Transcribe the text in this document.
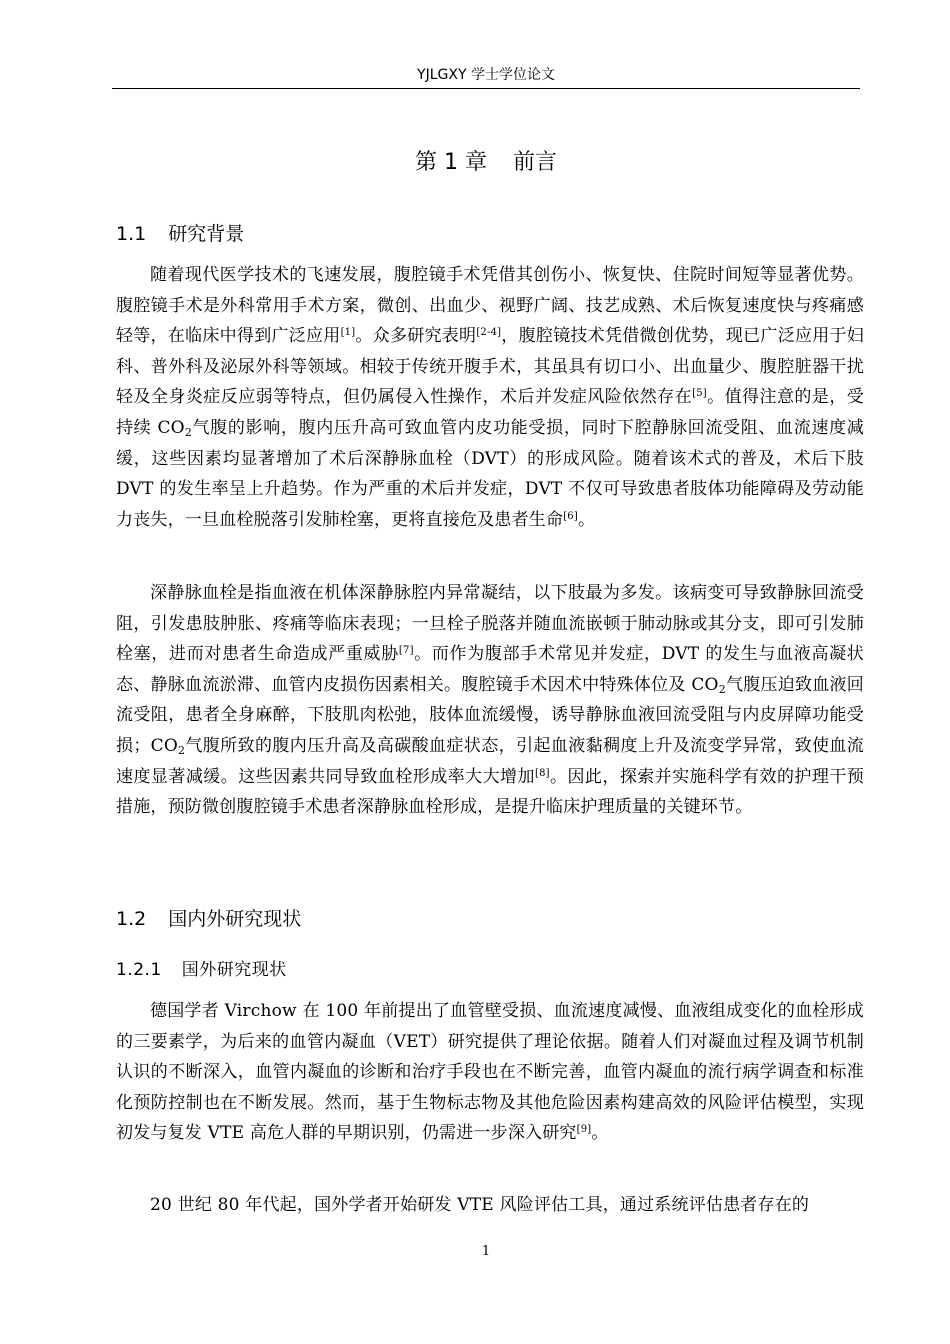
YJLGXY 学士学位论文
第 1 章 前言
1.1 研究背景

随着现代医学技术的飞速发展，腹腔镜手术凭借其创伤小、恢复快、住院时间短等显著优势。腹腔镜手术是外科常用手术方案，微创、出血少、视野广阔、技艺成熟、术后恢复速度快与疼痛感轻等，在临床中得到广泛应用[1]。众多研究表明[2-4]，腹腔镜技术凭借微创优势，现已广泛应用于妇科、普外科及泌尿外科等领域。相较于传统开腹手术，其虽具有切口小、出血量少、腹腔脏器干扰轻及全身炎症反应弱等特点，但仍属侵入性操作，术后并发症风险依然存在[5]。值得注意的是，受持续 $CO_2$气腹的影响，腹内压升高可致血管内皮功能受损，同时下腔静脉回流受阻、血流速度减缓，这些因素均显著增加了术后深静脉血栓（DVT）的形成风险。随着该术式的普及，术后下肢 DVT 的发生率呈上升趋势。作为严重的术后并发症，DVT 不仅可导致患者肢体功能障碍及劳动能力丧失，一旦血栓脱落引发肺栓塞，更将直接危及患者生命[6]。

深静脉血栓是指血液在机体深静脉腔内异常凝结，以下肢最为多发。该病变可导致静脉回流受阻，引发患肢肿胀、疼痛等临床表现；一旦栓子脱落并随血流嵌顿于肺动脉或其分支，即可引发肺栓塞，进而对患者生命造成严重威胁[7]。而作为腹部手术常见并发症，DVT 的发生与血液高凝状态、静脉血流淤滞、血管内皮损伤因素相关。腹腔镜手术因术中特殊体位及 $CO_2$气腹压迫致血液回流受阻，患者全身麻醉，下肢肌肉松弛，肢体血流缓慢，诱导静脉血液回流受阻与内皮屏障功能受损；$CO_2$气腹所致的腹内压升高及高碳酸血症状态，引起血液黏稠度上升及流变学异常，致使血流速度显著减缓。这些因素共同导致血栓形成率大大增加[8]。因此，探索并实施科学有效的护理干预措施，预防微创腹腔镜手术患者深静脉血栓形成，是提升临床护理质量的关键环节。

1.2 国内外研究现状
1.2.1 国外研究现状

德国学者 Virchow 在 100 年前提出了血管壁受损、血流速度减慢、血液组成变化的血栓形成的三要素学，为后来的血管内凝血（VET）研究提供了理论依据。随着人们对凝血过程及调节机制认识的不断深入，血管内凝血的诊断和治疗手段也在不断完善，血管内凝血的流行病学调查和标准化预防控制也在不断发展。然而，基于生物标志物及其他危险因素构建高效的风险评估模型，实现初发与复发 VTE 高危人群的早期识别，仍需进一步深入研究[9]。

20 世纪 80 年代起，国外学者开始研发 VTE 风险评估工具，通过系统评估患者存在的

1
